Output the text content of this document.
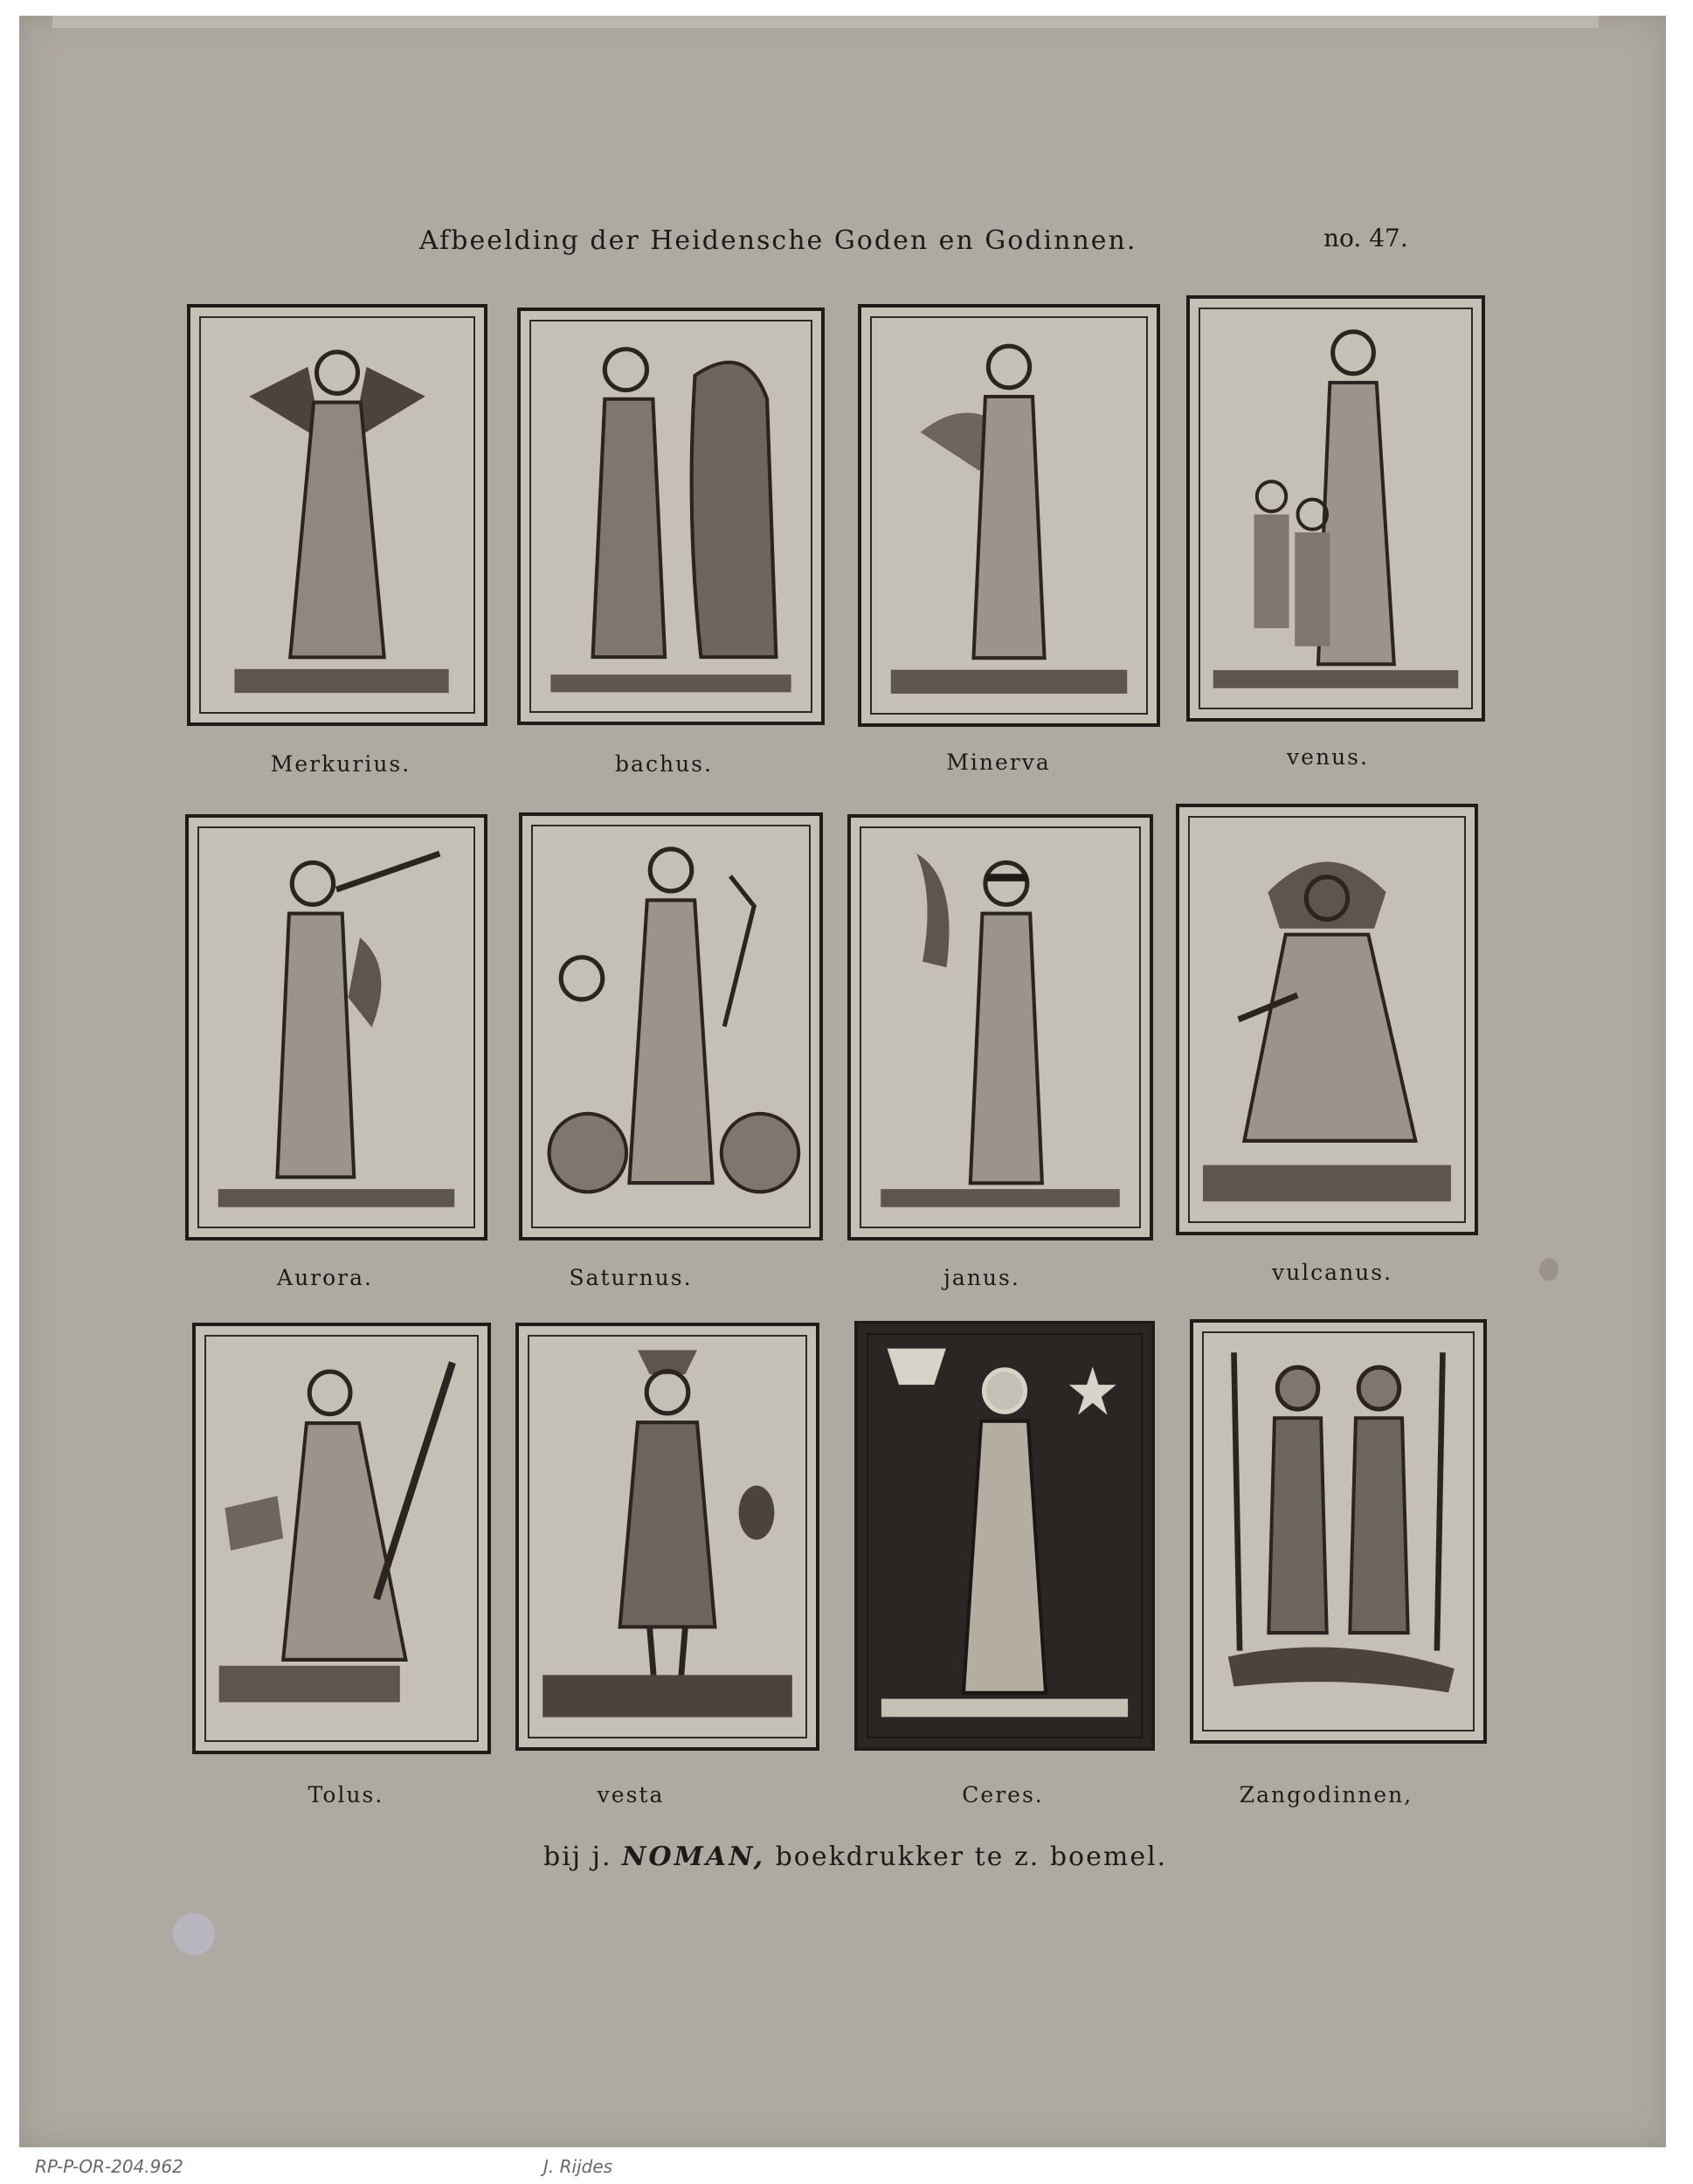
Afbeelding der Heidensche Goden en Godinnen.	no. 47.
Merkurius.	bachus.	Minerva	venus.
Aurora.	Saturnus.	janus.	vulcanus.
Tolus.	vesta	Ceres.	Zangodinnen,
bij j. NOMAN, boekdrukker te z. boemel.
RP-P-OR-204.962	J. Rijdes
